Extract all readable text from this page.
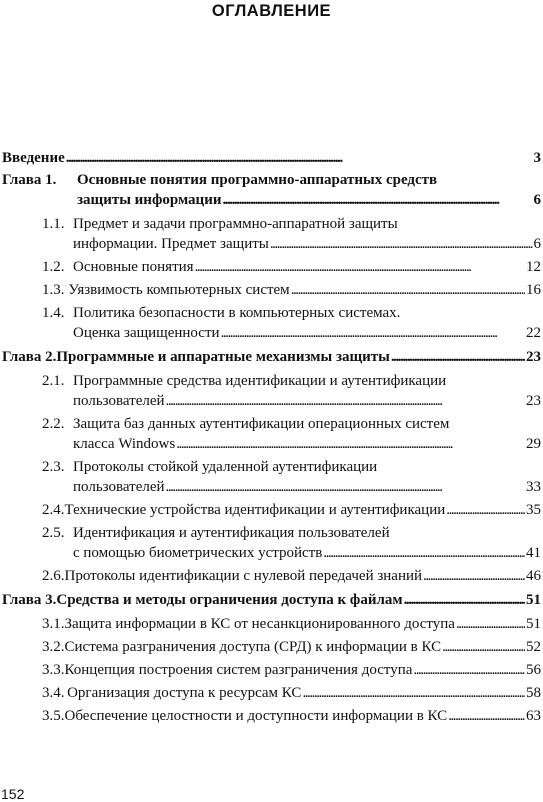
ОГЛАВЛЕНИЕ
Введение . . .	3
Глава 1.	Основные понятия программно-аппаратных средств
защиты информации . . .	6
1.1. Предмет и задачи программно-аппаратной защиты
информации. Предмет защиты . . .	6
1.2. Основные понятия . . .	12
1.3. Уязвимость компьютерных систем . . .	16
1.4. Политика безопасности в компьютерных системах.
Оценка защищенности . . .	22
Глава 2. Программные и аппаратные механизмы защиты . . .	23
2.1. Программные средства идентификации и аутентификации
пользователей . . .	23
2.2. Защита баз данных аутентификации операционных систем
класса Windows . . .	29
2.3. Протоколы стойкой удаленной аутентификации
пользователей . . .	33
2.4. Технические устройства идентификации и аутентификации . . .	35
2.5. Идентификация и аутентификация пользователей
с помощью биометрических устройств . . .	41
2.6. Протоколы идентификации с нулевой передачей знаний . . .	46
Глава 3. Средства и методы ограничения доступа к файлам . . .	51
3.1. Защита информации в КС от несанкционированного доступа . . .	51
3.2. Система разграничения доступа (СРД) к информации в КС . . .	52
3.3. Концепция построения систем разграничения доступа . . .	56
3.4. Организация доступа к ресурсам КС . . .	58
3.5. Обеспечение целостности и доступности информации в КС . . .	63
152
